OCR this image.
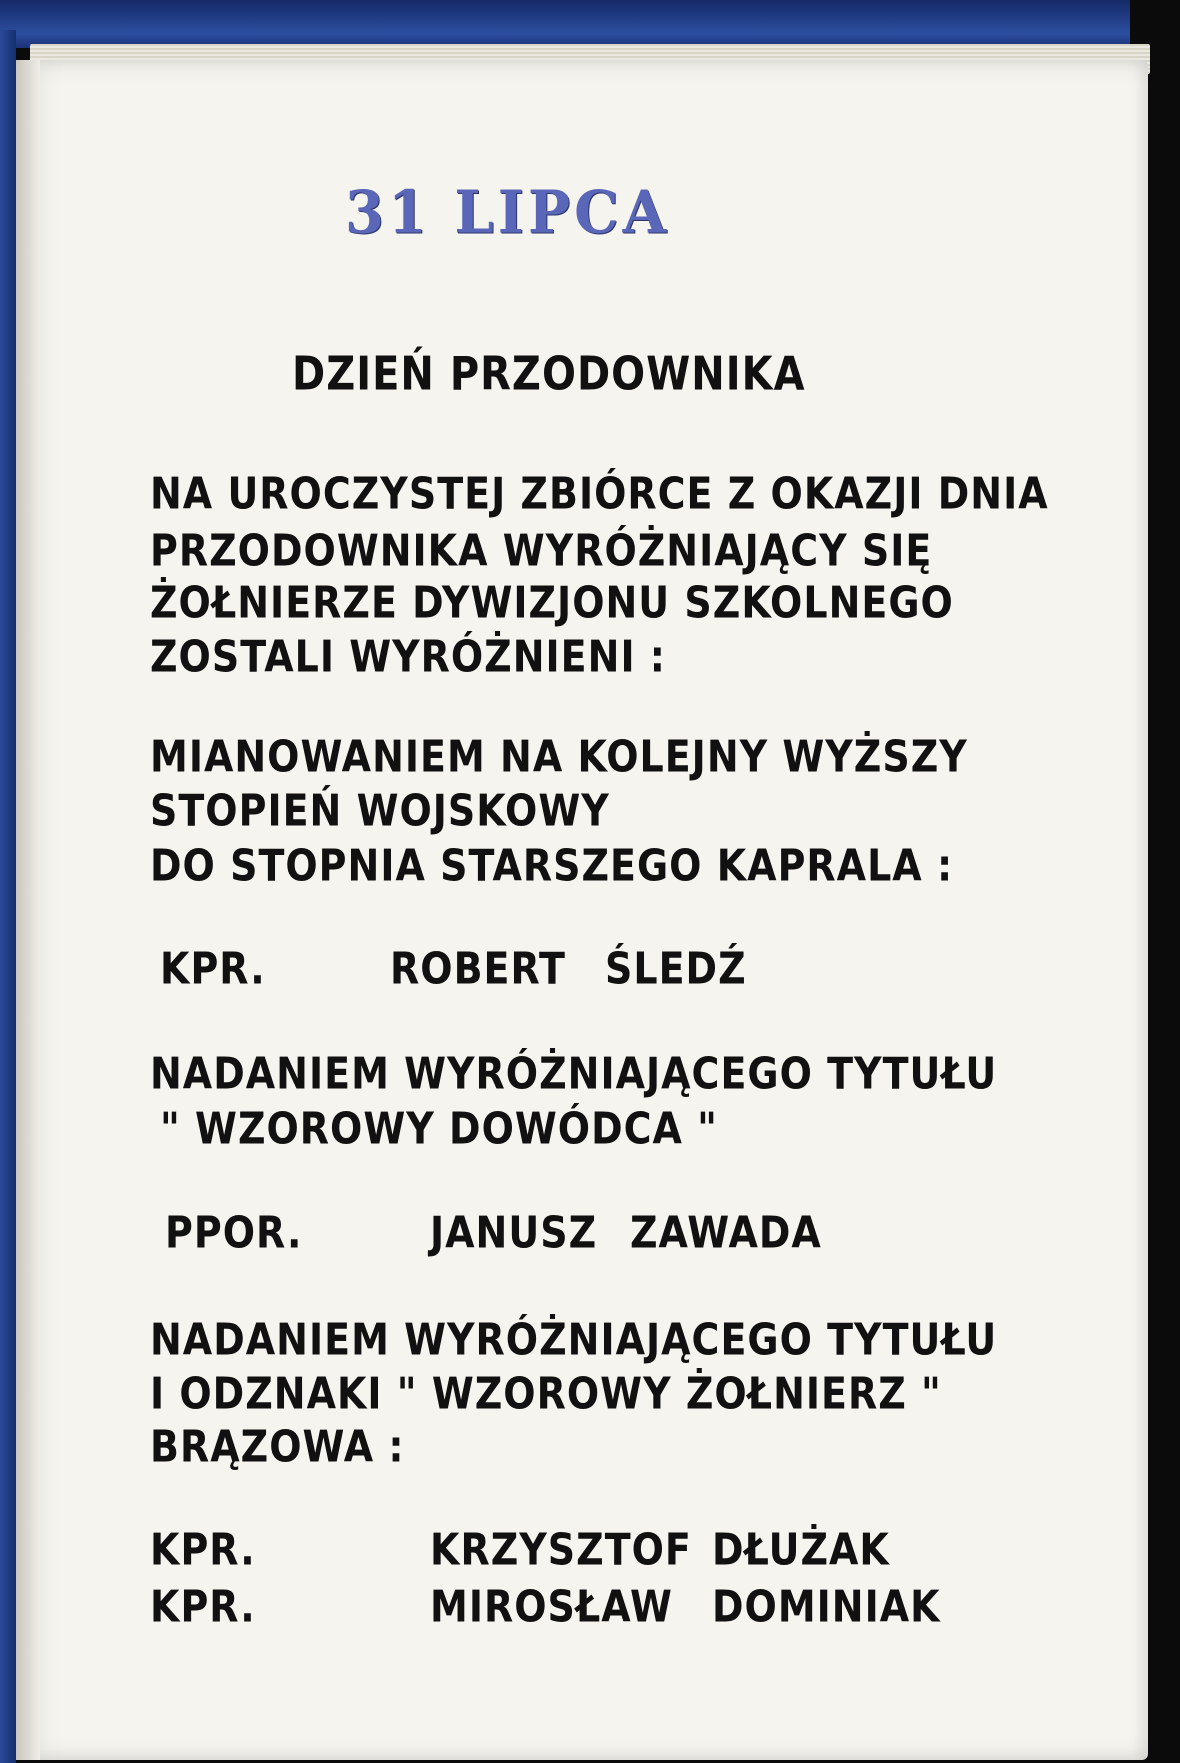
31 LIPCA
DZIEŃ PRZODOWNIKA
NA UROCZYSTEJ ZBIÓRCE Z OKAZJI DNIA
PRZODOWNIKA WYRÓŻNIAJĄCY SIĘ
ŻOŁNIERZE DYWIZJONU SZKOLNEGO
ZOSTALI WYRÓŻNIENI :
MIANOWANIEM NA KOLEJNY WYŻSZY
STOPIEŃ WOJSKOWY
DO STOPNIA STARSZEGO KAPRALA :
KPR.	ROBERT ŚLEDŹ
NADANIEM WYRÓŻNIAJĄCEGO TYTUŁU
" WZOROWY DOWÓDCA "
PPOR.	JANUSZ ZAWADA
NADANIEM WYRÓŻNIAJĄCEGO TYTUŁU
I ODZNAKI " WZOROWY ŻOŁNIERZ "
BRĄZOWA :
KPR.	KRZYSZTOF DŁUŻAK
KPR.	MIROSŁAW DOMINIAK
